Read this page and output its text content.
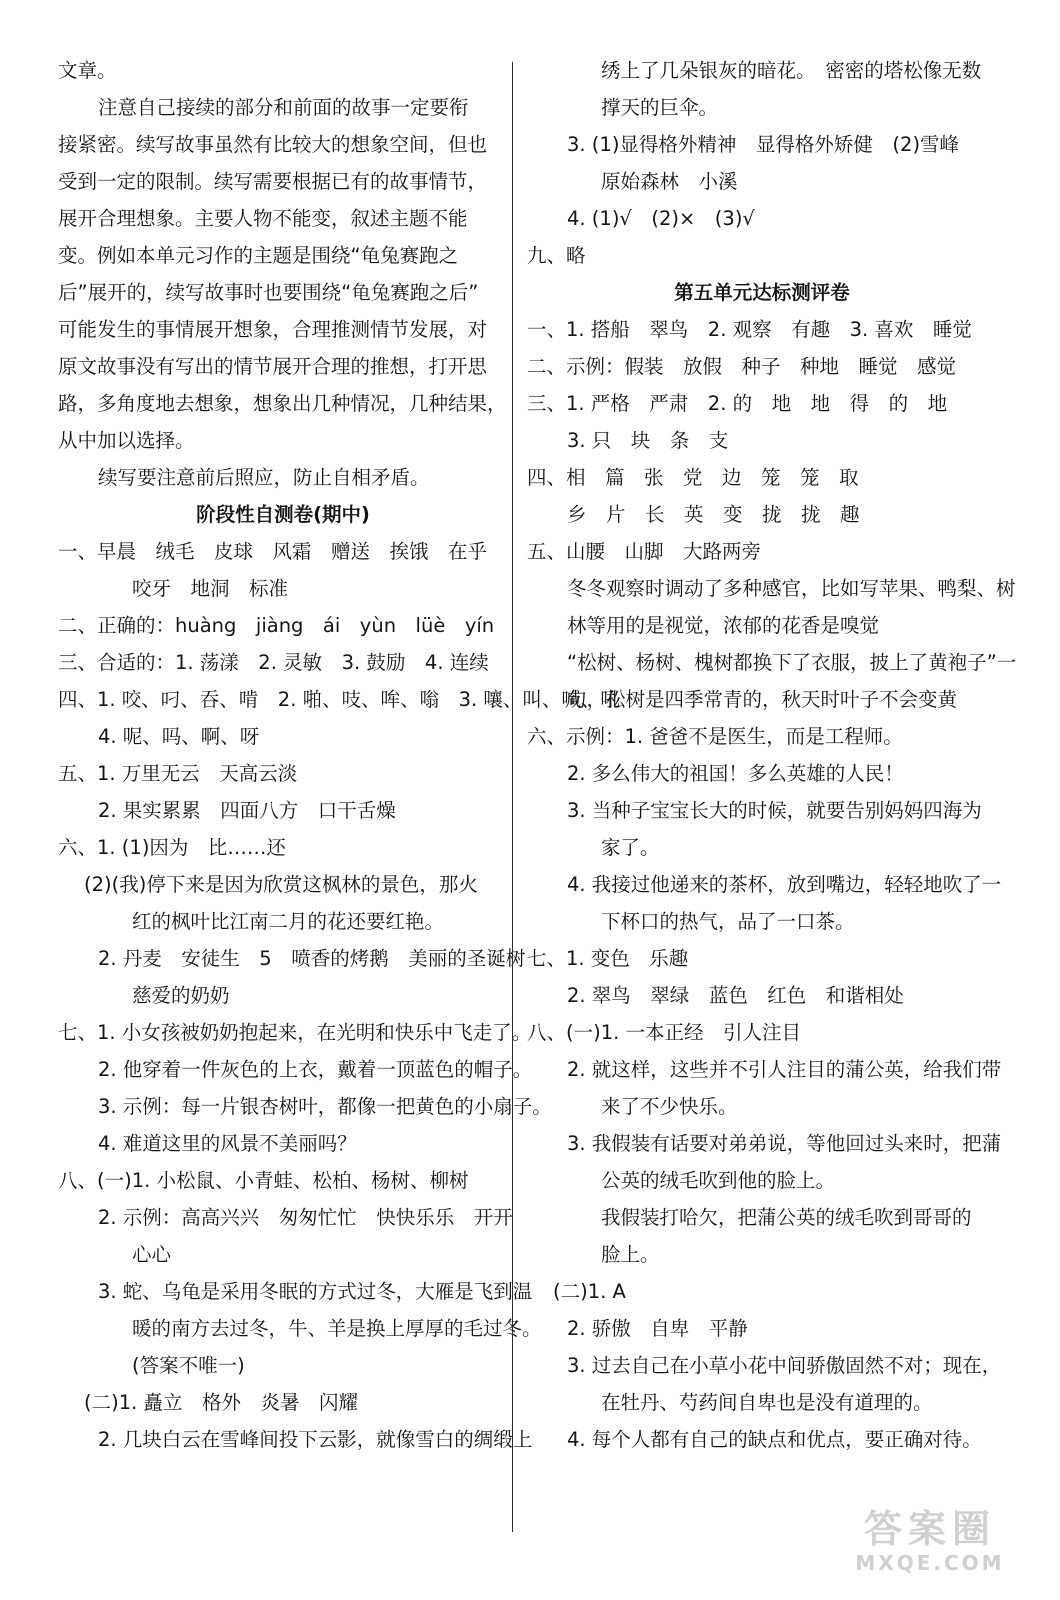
文章。
注意自己接续的部分和前面的故事一定要衔
接紧密。续写故事虽然有比较大的想象空间，但也
受到一定的限制。续写需要根据已有的故事情节，
展开合理想象。主要人物不能变，叙述主题不能
变。例如本单元习作的主题是围绕“龟兔赛跑之
后”展开的，续写故事时也要围绕“龟兔赛跑之后”
可能发生的事情展开想象，合理推测情节发展，对
原文故事没有写出的情节展开合理的推想，打开思
路，多角度地去想象，想象出几种情况，几种结果，
从中加以选择。
续写要注意前后照应，防止自相矛盾。
阶段性自测卷(期中)
一、早晨　绒毛　皮球　风霜　赠送　挨饿　在乎
咬牙　地洞　标准
二、正确的：huàng　jiàng　ái　yùn　lüè　yín
三、合适的：1. 荡漾　2. 灵敏　3. 鼓励　4. 连续
四、1. 咬、叼、吞、啃　2. 啪、吱、哞、嗡　3. 嚷、叫、喊、吼
4. 呢、吗、啊、呀
五、1. 万里无云　天高云淡
2. 果实累累　四面八方　口干舌燥
六、1. (1)因为　比……还
(2)(我)停下来是因为欣赏这枫林的景色，那火
红的枫叶比江南二月的花还要红艳。
2. 丹麦　安徒生　5　喷香的烤鹅　美丽的圣诞树
慈爱的奶奶
七、1. 小女孩被奶奶抱起来，在光明和快乐中飞走了。
2. 他穿着一件灰色的上衣，戴着一顶蓝色的帽子。
3. 示例：每一片银杏树叶，都像一把黄色的小扇子。
4. 难道这里的风景不美丽吗？
八、(一)1. 小松鼠、小青蛙、松柏、杨树、柳树
2. 示例：高高兴兴　匆匆忙忙　快快乐乐　开开
心心
3. 蛇、乌龟是采用冬眠的方式过冬，大雁是飞到温
暖的南方去过冬，牛、羊是换上厚厚的毛过冬。
(答案不唯一)
(二)1. 矗立　格外　炎暑　闪耀
2. 几块白云在雪峰间投下云影，就像雪白的绸缎上
绣上了几朵银灰的暗花。　密密的塔松像无数
撑天的巨伞。
3. (1)显得格外精神　显得格外矫健　(2)雪峰
原始森林　小溪
4. (1)√　(2)×　(3)√
九、略
第五单元达标测评卷
一、1. 搭船　翠鸟　2. 观察　有趣　3. 喜欢　睡觉
二、示例：假装　放假　种子　种地　睡觉　感觉
三、1. 严格　严肃　2. 的　地　地　得　的　地
3. 只　块　条　支
四、相　篇　张　党　边　笼　笼　取
乡　片　长　英　变　拢　拢　趣
五、山腰　山脚　大路两旁
冬冬观察时调动了多种感官，比如写苹果、鸭梨、树
林等用的是视觉，浓郁的花香是嗅觉
“松树、杨树、槐树都换下了衣服，披上了黄袍子”一
句，松树是四季常青的，秋天时叶子不会变黄
六、示例：1. 爸爸不是医生，而是工程师。
2. 多么伟大的祖国！多么英雄的人民！
3. 当种子宝宝长大的时候，就要告别妈妈四海为
家了。
4. 我接过他递来的茶杯，放到嘴边，轻轻地吹了一
下杯口的热气，品了一口茶。
七、1. 变色　乐趣
2. 翠鸟　翠绿　蓝色　红色　和谐相处
八、(一)1. 一本正经　引人注目
2. 就这样，这些并不引人注目的蒲公英，给我们带
来了不少快乐。
3. 我假装有话要对弟弟说，等他回过头来时，把蒲
公英的绒毛吹到他的脸上。
我假装打哈欠，把蒲公英的绒毛吹到哥哥的
脸上。
(二)1. A
2. 骄傲　自卑　平静
3. 过去自己在小草小花中间骄傲固然不对；现在，
在牡丹、芍药间自卑也是没有道理的。
4. 每个人都有自己的缺点和优点，要正确对待。
答案圈
MXQE.COM
